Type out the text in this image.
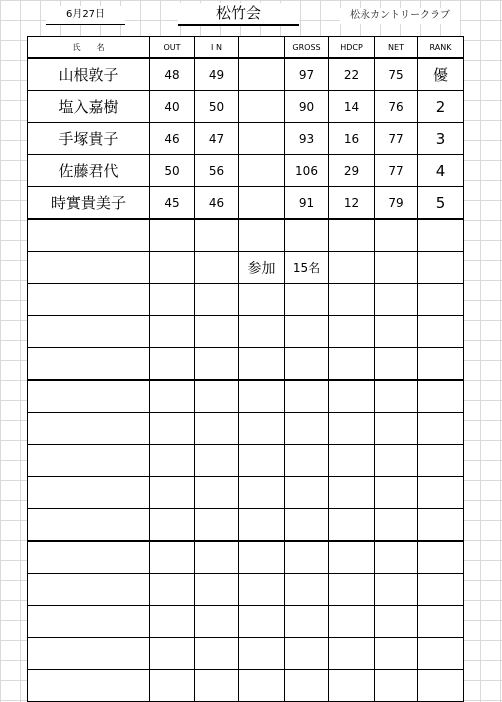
6月27日	松竹会	松永カントリークラブ
氏　　名	OUT	I N		GROSS	HDCP	NET	RANK
山根敦子	48	49		97	22	75	優
塩入嘉樹	40	50		90	14	76	2
手塚貴子	46	47		93	16	77	3
佐藤君代	50	56		106	29	77	4
時實貴美子	45	46		91	12	79	5

			参加	15名			
